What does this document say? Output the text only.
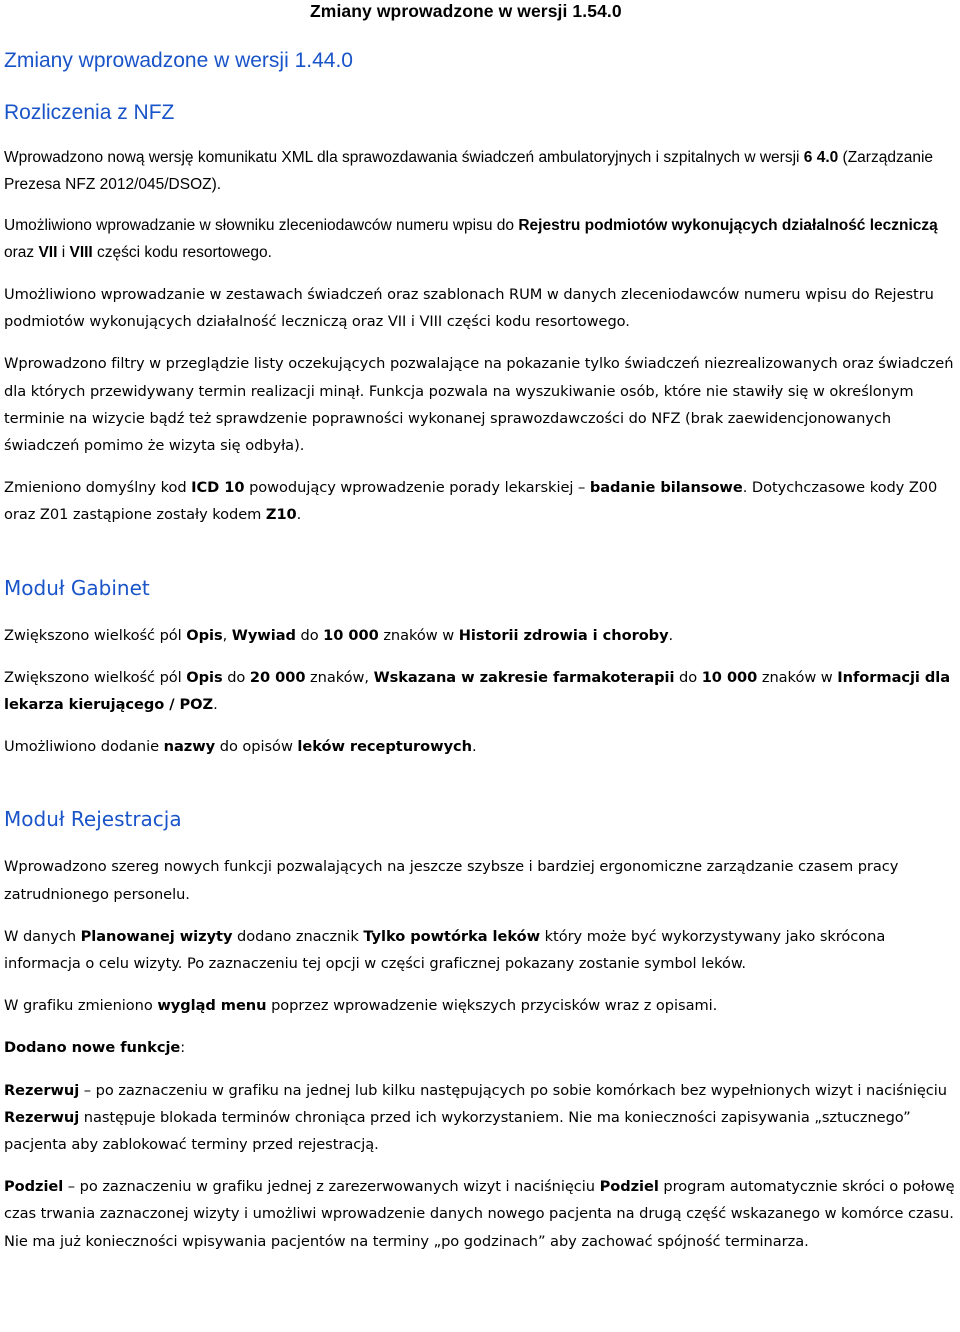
Zmiany wprowadzone w wersji 1.54.0
Zmiany wprowadzone w wersji 1.44.0
Rozliczenia z NFZ

Wprowadzono nową wersję komunikatu XML dla sprawozdawania świadczeń ambulatoryjnych i szpitalnych w wersji 6 4.0 (Zarządzanie Prezesa NFZ 2012/045/DSOZ).

Umożliwiono wprowadzanie w słowniku zleceniodawców numeru wpisu do Rejestru podmiotów wykonujących działalność leczniczą oraz VII i VIII części kodu resortowego.

Umożliwiono wprowadzanie w zestawach świadczeń oraz szablonach RUM w danych zleceniodawców numeru wpisu do Rejestru podmiotów wykonujących działalność leczniczą oraz VII i VIII części kodu resortowego.

Wprowadzono filtry w przeglądzie listy oczekujących pozwalające na pokazanie tylko świadczeń niezrealizowanych oraz świadczeń dla których przewidywany termin realizacji minął. Funkcja pozwala na wyszukiwanie osób, które nie stawiły się w określonym terminie na wizycie bądź też sprawdzenie poprawności wykonanej sprawozdawczości do NFZ (brak zaewidencjonowanych świadczeń pomimo że wizyta się odbyła).

Zmieniono domyślny kod ICD 10 powodujący wprowadzenie porady lekarskiej – badanie bilansowe. Dotychczasowe kody Z00 oraz Z01 zastąpione zostały kodem Z10.

Moduł Gabinet

Zwiększono wielkość pól Opis, Wywiad do 10 000 znaków w Historii zdrowia i choroby.

Zwiększono wielkość pól Opis do 20 000 znaków, Wskazana w zakresie farmakoterapii do 10 000 znaków w Informacji dla lekarza kierującego / POZ.

Umożliwiono dodanie nazwy do opisów leków recepturowych.

Moduł Rejestracja

Wprowadzono szereg nowych funkcji pozwalających na jeszcze szybsze i bardziej ergonomiczne zarządzanie czasem pracy zatrudnionego personelu.

W danych Planowanej wizyty dodano znacznik Tylko powtórka leków który może być wykorzystywany jako skrócona informacja o celu wizyty. Po zaznaczeniu tej opcji w części graficznej pokazany zostanie symbol leków.

W grafiku zmieniono wygląd menu poprzez wprowadzenie większych przycisków wraz z opisami.

Dodano nowe funkcje:

Rezerwuj – po zaznaczeniu w grafiku na jednej lub kilku następujących po sobie komórkach bez wypełnionych wizyt i naciśnięciu Rezerwuj następuje blokada terminów chroniąca przed ich wykorzystaniem. Nie ma konieczności zapisywania „sztucznego” pacjenta aby zablokować terminy przed rejestracją.

Podziel – po zaznaczeniu w grafiku jednej z zarezerwowanych wizyt i naciśnięciu Podziel program automatycznie skróci o połowę czas trwania zaznaczonej wizyty i umożliwi wprowadzenie danych nowego pacjenta na drugą część wskazanego w komórce czasu. Nie ma już konieczności wpisywania pacjentów na terminy „po godzinach” aby zachować spójność terminarza.
